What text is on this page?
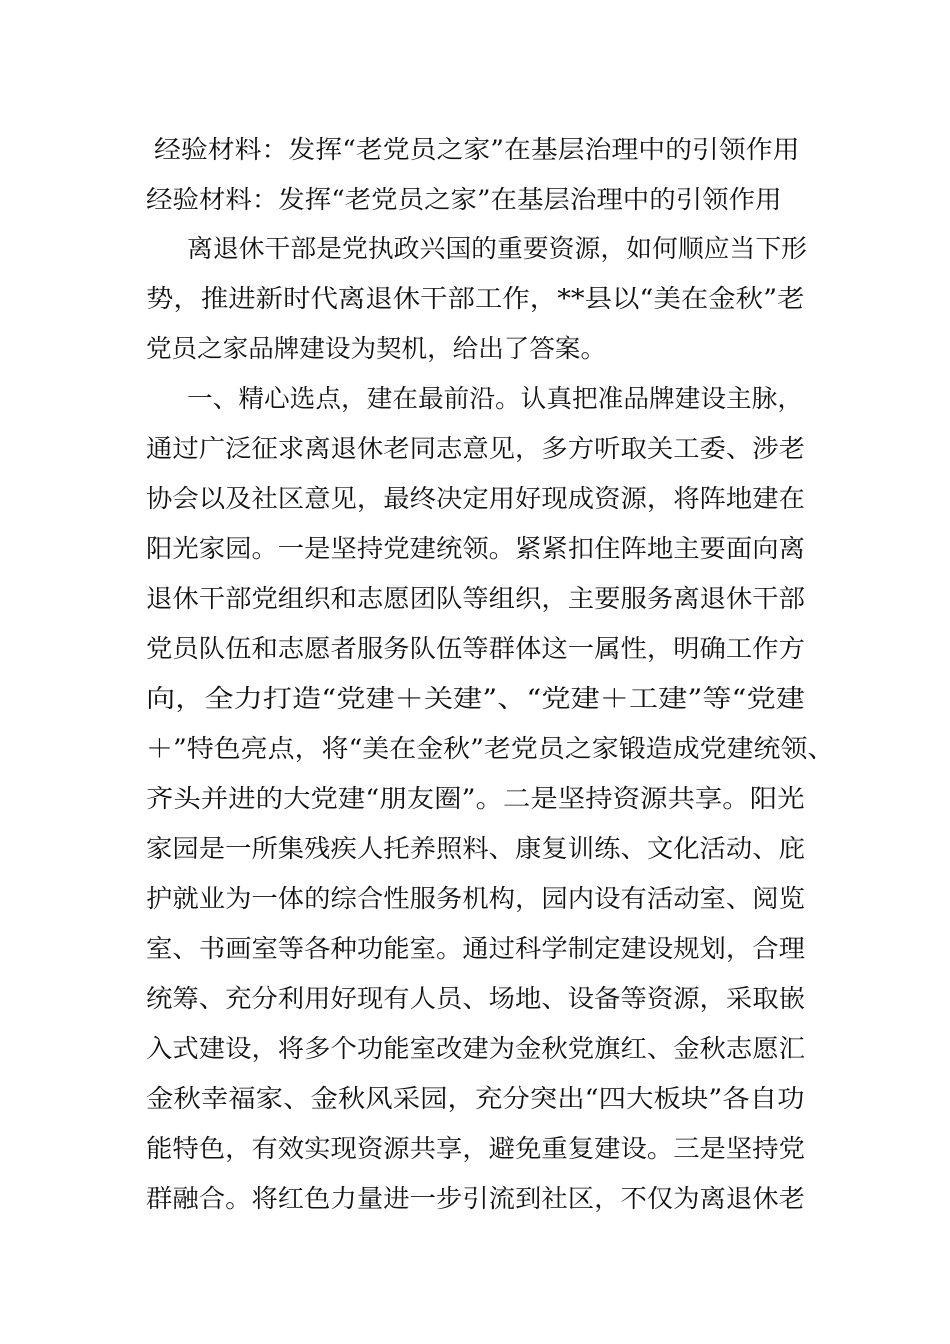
经验材料：发挥“老党员之家”在基层治理中的引领作用
经验材料：发挥“老党员之家”在基层治理中的引领作用
离退休干部是党执政兴国的重要资源，如何顺应当下形
势，推进新时代离退休干部工作，**县以“美在金秋”老
党员之家品牌建设为契机，给出了答案。
一、精心选点，建在最前沿。认真把准品牌建设主脉，
通过广泛征求离退休老同志意见，多方听取关工委、涉老
协会以及社区意见，最终决定用好现成资源，将阵地建在
阳光家园。一是坚持党建统领。紧紧扣住阵地主要面向离
退休干部党组织和志愿团队等组织，主要服务离退休干部
党员队伍和志愿者服务队伍等群体这一属性，明确工作方
向，全力打造“党建＋关建”、“党建＋工建”等“党建
＋”特色亮点，将“美在金秋”老党员之家锻造成党建统领、
齐头并进的大党建“朋友圈”。二是坚持资源共享。阳光
家园是一所集残疾人托养照料、康复训练、文化活动、庇
护就业为一体的综合性服务机构，园内设有活动室、阅览
室、书画室等各种功能室。通过科学制定建设规划，合理
统筹、充分利用好现有人员、场地、设备等资源，采取嵌
入式建设，将多个功能室改建为金秋党旗红、金秋志愿汇
金秋幸福家、金秋风采园，充分突出“四大板块”各自功
能特色，有效实现资源共享，避免重复建设。三是坚持党
群融合。将红色力量进一步引流到社区，不仅为离退休老
